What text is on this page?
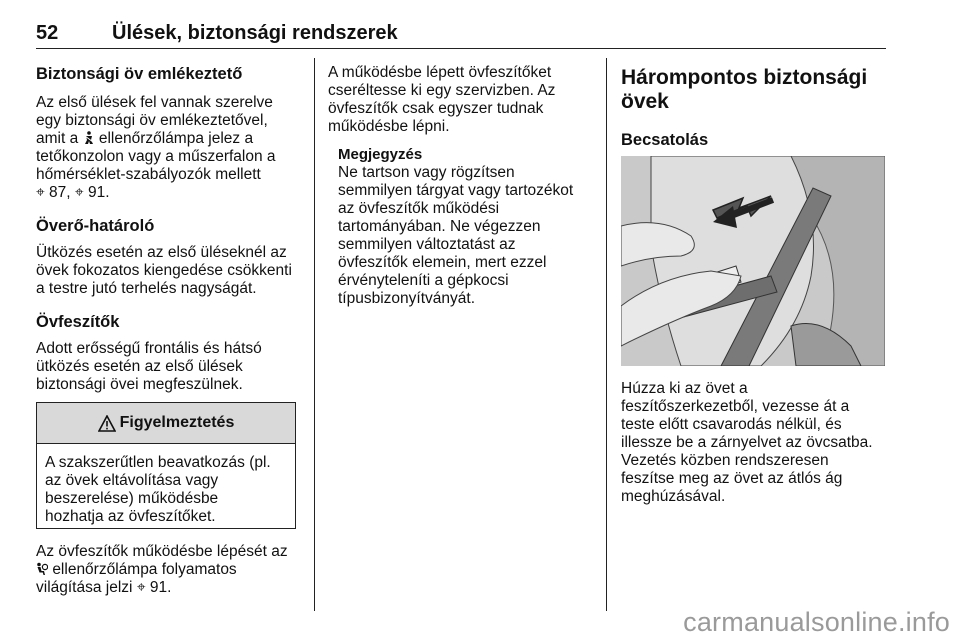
52	Ülések, biztonsági rendszerek

Biztonsági öv emlékeztető

Az első ülések fel vannak szerelve

egy biztonsági öv emlékeztetővel,

amit a ellenőrzőlámpa jelez a

tetőkonzolon vagy a műszerfalon a

hőmérséklet-szabályozók mellett

⌖ 87, ⌖ 91.

Överő-határoló

Ütközés esetén az első üléseknél az

övek fokozatos kiengedése csökkenti

a testre jutó terhelés nagyságát.

Övfeszítők

Adott erősségű frontális és hátsó

ütközés esetén az első ülések

biztonsági övei megfeszülnek.

Figyelmeztetés
A szakszerűtlen beavatkozás (pl.
az övek eltávolítása vagy
beszerelése) működésbe
hozhatja az övfeszítőket.

Az övfeszítők működésbe lépését az

ellenőrzőlámpa folyamatos

világítása jelzi ⌖ 91.

A működésbe lépett övfeszítőket

cseréltesse ki egy szervizben. Az

övfeszítők csak egyszer tudnak

működésbe lépni.

Megjegyzés

Ne tartson vagy rögzítsen

semmilyen tárgyat vagy tartozékot

az övfeszítők működési

tartományában. Ne végezzen

semmilyen változtatást az

övfeszítők elemein, mert ezzel

érvényteleníti a gépkocsi

típusbizonyítványát.

Hárompontos biztonsági

övek

Becsatolás

Húzza ki az övet a

feszítőszerkezetből, vezesse át a

teste előtt csavarodás nélkül, és

illessze be a zárnyelvet az övcsatba.

Vezetés közben rendszeresen

feszítse meg az övet az átlós ág

meghúzásával.

carmanualsonline.info
